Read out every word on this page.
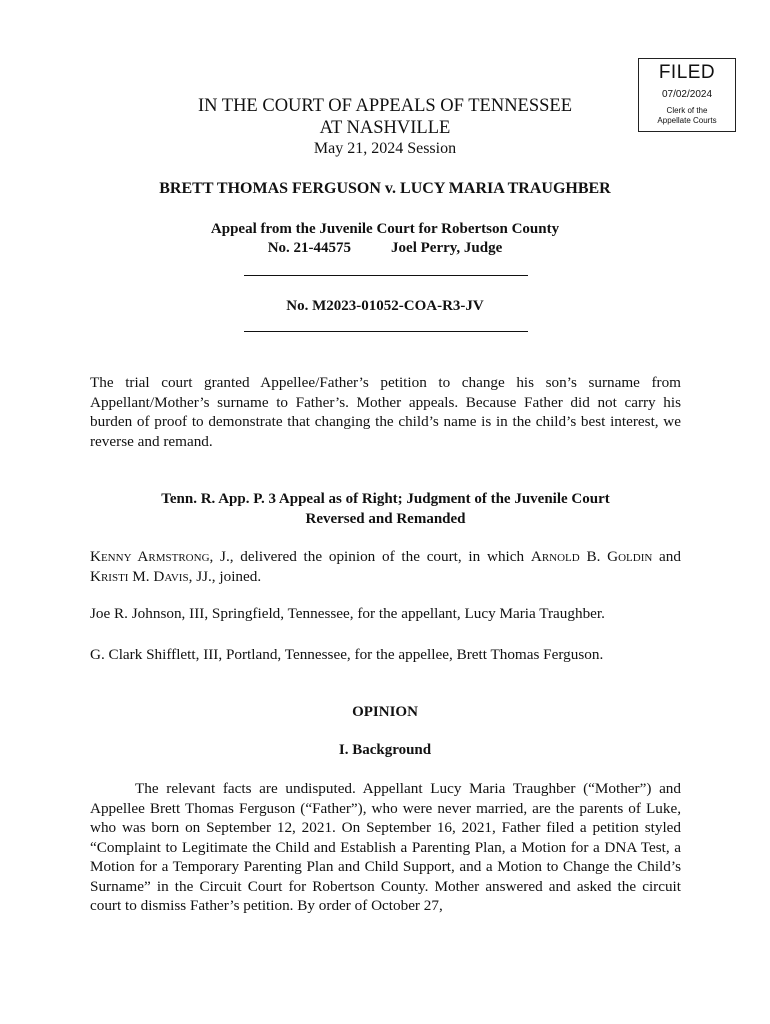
FILED
07/02/2024
Clerk of the
Appellate Courts
IN THE COURT OF APPEALS OF TENNESSEE
AT NASHVILLE
May 21, 2024 Session
BRETT THOMAS FERGUSON v. LUCY MARIA TRAUGHBER
Appeal from the Juvenile Court for Robertson County
No. 21-44575	Joel Perry, Judge
No. M2023-01052-COA-R3-JV

The trial court granted Appellee/Father’s petition to change his son’s surname from Appellant/Mother’s surname to Father’s. Mother appeals. Because Father did not carry his burden of proof to demonstrate that changing the child’s name is in the child’s best interest, we reverse and remand.

Tenn. R. App. P. 3 Appeal as of Right; Judgment of the Juvenile Court
Reversed and Remanded

Kenny Armstrong, J., delivered the opinion of the court, in which Arnold B. Goldin and Kristi M. Davis, JJ., joined.

Joe R. Johnson, III, Springfield, Tennessee, for the appellant, Lucy Maria Traughber.

G. Clark Shifflett, III, Portland, Tennessee, for the appellee, Brett Thomas Ferguson.

OPINION
I. Background

The relevant facts are undisputed. Appellant Lucy Maria Traughber (“Mother”) and Appellee Brett Thomas Ferguson (“Father”), who were never married, are the parents of Luke, who was born on September 12, 2021. On September 16, 2021, Father filed a petition styled “Complaint to Legitimate the Child and Establish a Parenting Plan, a Motion for a DNA Test, a Motion for a Temporary Parenting Plan and Child Support, and a Motion to Change the Child’s Surname” in the Circuit Court for Robertson County. Mother answered and asked the circuit court to dismiss Father’s petition. By order of October 27,
